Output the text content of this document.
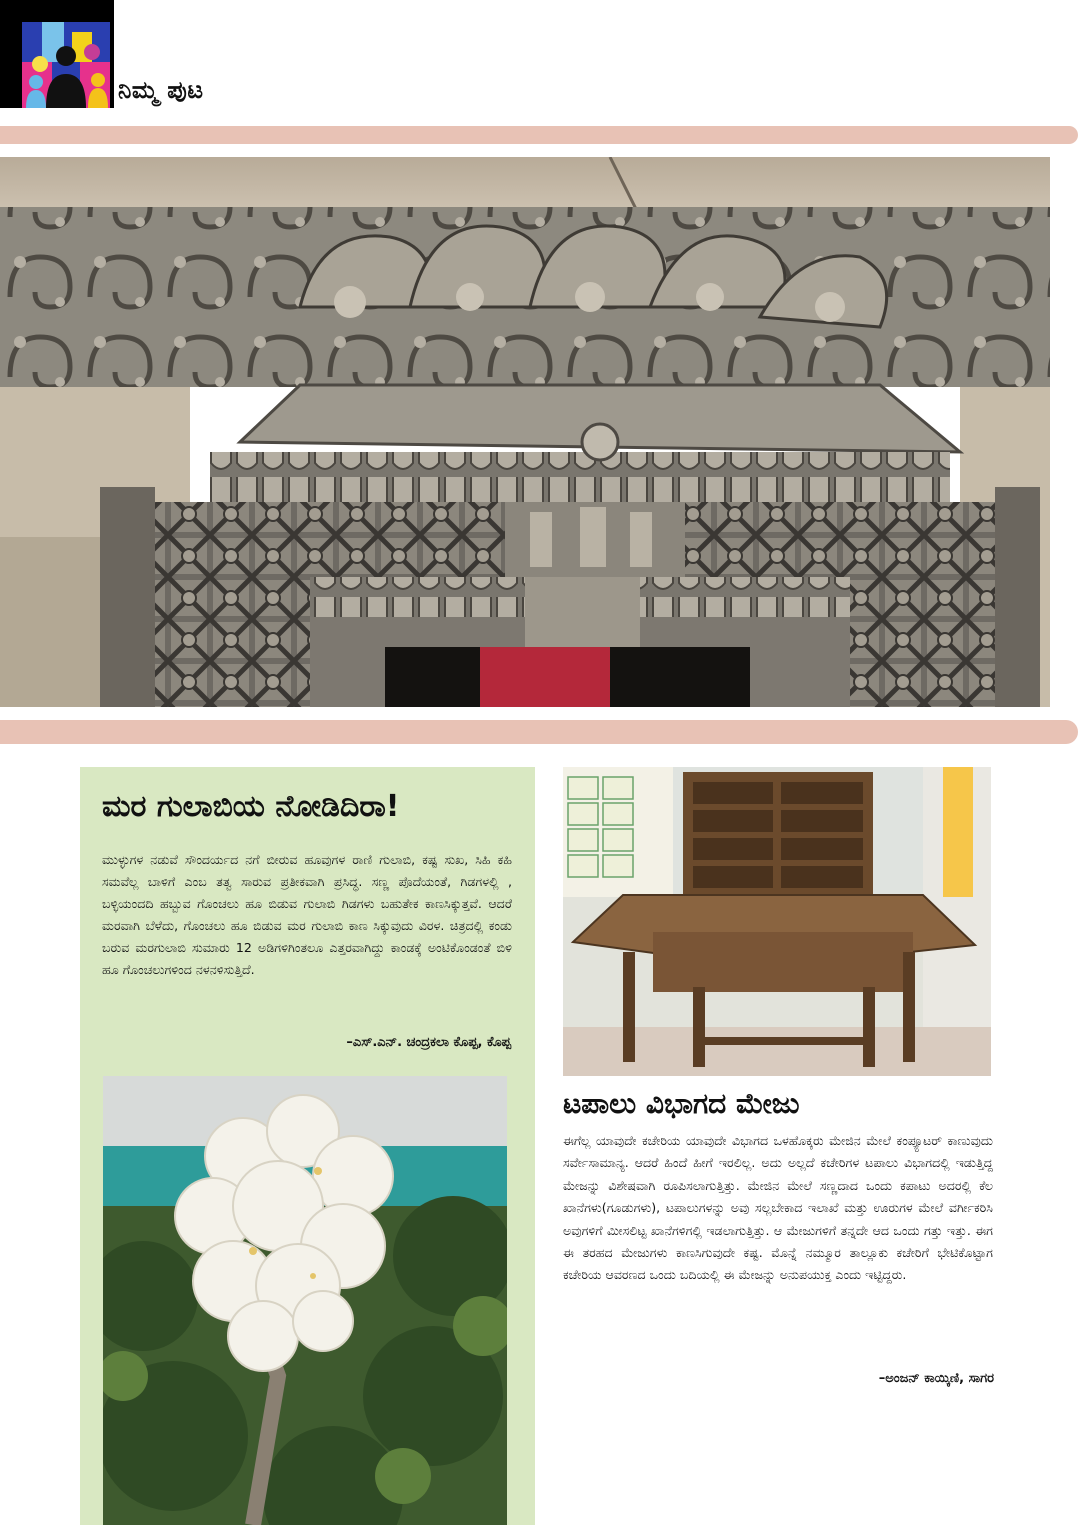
ನಿಮ್ಮ ಪುಟ
ಮರ ಗುಲಾಬಿಯ ನೋಡಿದಿರಾ!
ಮುಳ್ಳುಗಳ ನಡುವೆ ಸೌಂದರ್ಯದ ನಗೆ ಬೀರುವ ಹೂವುಗಳ ರಾಣಿ ಗುಲಾಬಿ, ಕಷ್ಟ ಸುಖ, ಸಿಹಿ ಕಹಿ ಸಮವೆಲ್ಲ ಬಾಳಿಗೆ ಎಂಬ ತತ್ವ ಸಾರುವ ಪ್ರತೀಕವಾಗಿ ಪ್ರಸಿದ್ಧ. ಸಣ್ಣ ಪೊದೆಯಂತೆ, ಗಿಡಗಳಲ್ಲಿ , ಬಳ್ಳಿಯಂದದಿ ಹಬ್ಬುವ ಗೊಂಚಲು ಹೂ ಬಿಡುವ ಗುಲಾಬಿ ಗಿಡಗಳು ಬಹುತೇಕ ಕಾಣಸಿಕ್ಕುತ್ತವೆ. ಆದರೆ ಮರವಾಗಿ ಬೆಳೆದು, ಗೊಂಚಲು ಹೂ ಬಿಡುವ ಮರ ಗುಲಾಬಿ ಕಾಣ ಸಿಕ್ಕುವುದು ವಿರಳ. ಚಿತ್ರದಲ್ಲಿ ಕಂಡು ಬರುವ ಮರಗುಲಾಬಿ ಸುಮಾರು 12 ಅಡಿಗಳಿಗಿಂತಲೂ ಎತ್ತರವಾಗಿದ್ದು ಕಾಂಡಕ್ಕೆ ಅಂಟಿಕೊಂಡಂತೆ ಬಿಳಿ ಹೂ ಗೊಂಚಲುಗಳಿಂದ ನಳನಳಿಸುತ್ತಿದೆ.
–ಎಸ್.ಎನ್. ಚಂದ್ರಕಲಾ ಕೊಪ್ಪ, ಕೊಪ್ಪ
ಟಪಾಲು ವಿಭಾಗದ ಮೇಜು
ಈಗೆಲ್ಲ ಯಾವುದೇ ಕಚೇರಿಯ ಯಾವುದೇ ವಿಭಾಗದ ಒಳಹೊಕ್ಕರು ಮೇಜಿನ ಮೇಲೆ ಕಂಪ್ಯೂಟರ್ ಕಾಣುವುದು ಸರ್ವೇಸಾಮಾನ್ಯ. ಆದರೆ ಹಿಂದೆ ಹೀಗೆ ಇರಲಿಲ್ಲ. ಅದು ಅಲ್ಲದೆ ಕಚೇರಿಗಳ ಟಪಾಲು ವಿಭಾಗದಲ್ಲಿ ಇಡುತ್ತಿದ್ದ ಮೇಜನ್ನು ವಿಶೇಷವಾಗಿ ರೂಪಿಸಲಾಗುತ್ತಿತ್ತು. ಮೇಜಿನ ಮೇಲೆ ಸಣ್ಣದಾದ ಒಂದು ಕಪಾಟು ಅದರಲ್ಲಿ ಕೆಲ ಖಾನೆಗಳು(ಗೂಡುಗಳು), ಟಪಾಲುಗಳನ್ನು ಅವು ಸಲ್ಲಬೇಕಾದ ಇಲಾಖೆ ಮತ್ತು ಊರುಗಳ ಮೇಲೆ ವರ್ಗೀಕರಿಸಿ ಅವುಗಳಿಗೆ ಮೀಸಲಿಟ್ಟ ಖಾನೆಗಳಿಗಲ್ಲಿ ಇಡಲಾಗುತ್ತಿತ್ತು. ಆ ಮೇಜುಗಳಿಗೆ ತನ್ನದೇ ಆದ ಒಂದು ಗತ್ತು ಇತ್ತು. ಈಗ ಈ ತರಹದ ಮೇಜುಗಳು ಕಾಣಸಿಗುವುದೇ ಕಷ್ಟ. ಮೊನ್ನೆ ನಮ್ಮೂರ ತಾಲ್ಲೂಕು ಕಚೇರಿಗೆ ಭೇಟಿಕೊಟ್ಟಾಗ ಕಚೇರಿಯ ಆವರಣದ ಒಂದು ಬದಿಯಲ್ಲಿ ಈ ಮೇಜನ್ನು ಅನುಪಯುಕ್ತ ಎಂದು ಇಟ್ಟಿದ್ದರು.
–ಅಂಜನ್ ಕಾಯ್ಕಿಣಿ, ಸಾಗರ
